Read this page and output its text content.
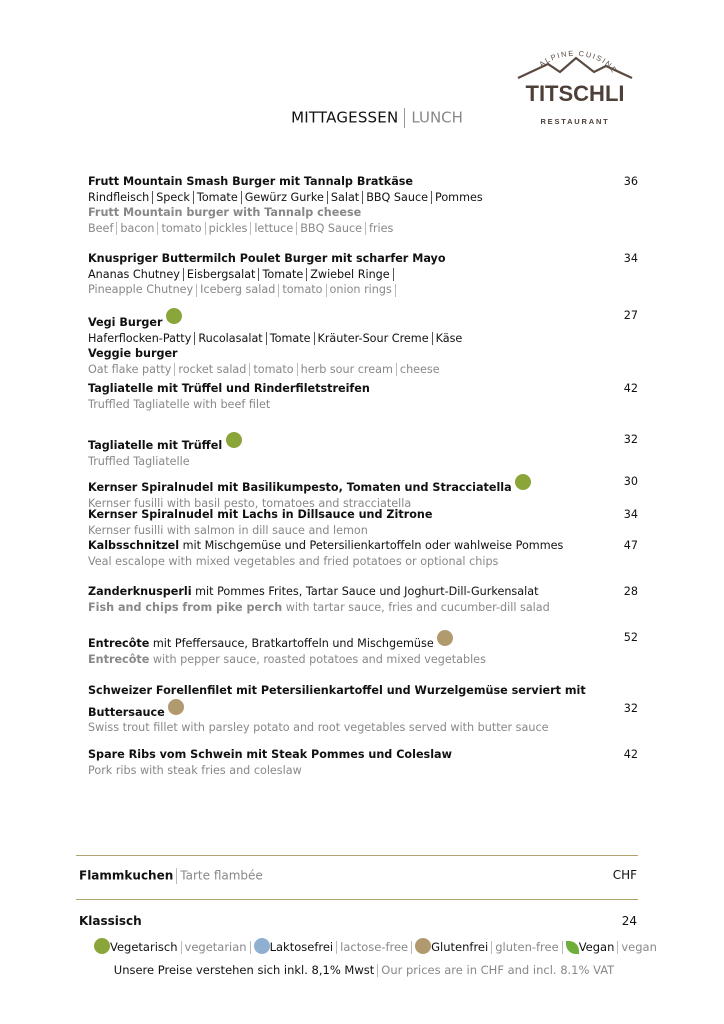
ALPINE CUISINE
TITSCHLI
RESTAURANT
MITTAGESSEN LUNCH
Frutt Mountain Smash Burger mit Tannalp Bratkäse
Rindfleisch Speck Tomate Gewürz Gurke Salat BBQ Sauce Pommes
Frutt Mountain burger with Tannalp cheese
Beef bacon tomato pickles lettuce BBQ Sauce fries
36
Knuspriger Buttermilch Poulet Burger mit scharfer Mayo
Ananas Chutney Eisbergsalat Tomate Zwiebel Ringe
Pineapple Chutney Iceberg salad tomato onion rings
34
Vegi Burger
Haferflocken-Patty Rucolasalat Tomate Kräuter-Sour Creme Käse
Veggie burger
Oat flake patty rocket salad tomato herb sour cream cheese
27
Tagliatelle mit Trüffel und Rinderfiletstreifen
Truffled Tagliatelle with beef filet
42
Tagliatelle mit Trüffel
Truffled Tagliatelle
32
Kernser Spiralnudel mit Basilikumpesto, Tomaten und Stracciatella
Kernser fusilli with basil pesto, tomatoes and stracciatella
30
Kernser Spiralnudel mit Lachs in Dillsauce und Zitrone
Kernser fusilli with salmon in dill sauce and lemon
34
Kalbsschnitzel mit Mischgemüse und Petersilienkartoffeln oder wahlweise Pommes
Veal escalope with mixed vegetables and fried potatoes or optional chips
47
Zanderknusperli mit Pommes Frites, Tartar Sauce und Joghurt-Dill-Gurkensalat
Fish and chips from pike perch with tartar sauce, fries and cucumber-dill salad
28
Entrecôte mit Pfeffersauce, Bratkartoffeln und Mischgemüse
Entrecôte with pepper sauce, roasted potatoes and mixed vegetables
52
Schweizer Forellenfilet mit Petersilienkartoffel und Wurzelgemüse serviert mit Buttersauce
Swiss trout fillet with parsley potato and root vegetables served with butter sauce
32
Spare Ribs vom Schwein mit Steak Pommes und Coleslaw
Pork ribs with steak fries and coleslaw
42
Flammkuchen Tarte flambée	CHF
Klassisch	24
Vegetarisch vegetarian Laktosefrei lactose-free Glutenfrei gluten-free Vegan vegan
Unsere Preise verstehen sich inkl. 8,1% Mwst Our prices are in CHF and incl. 8.1% VAT
